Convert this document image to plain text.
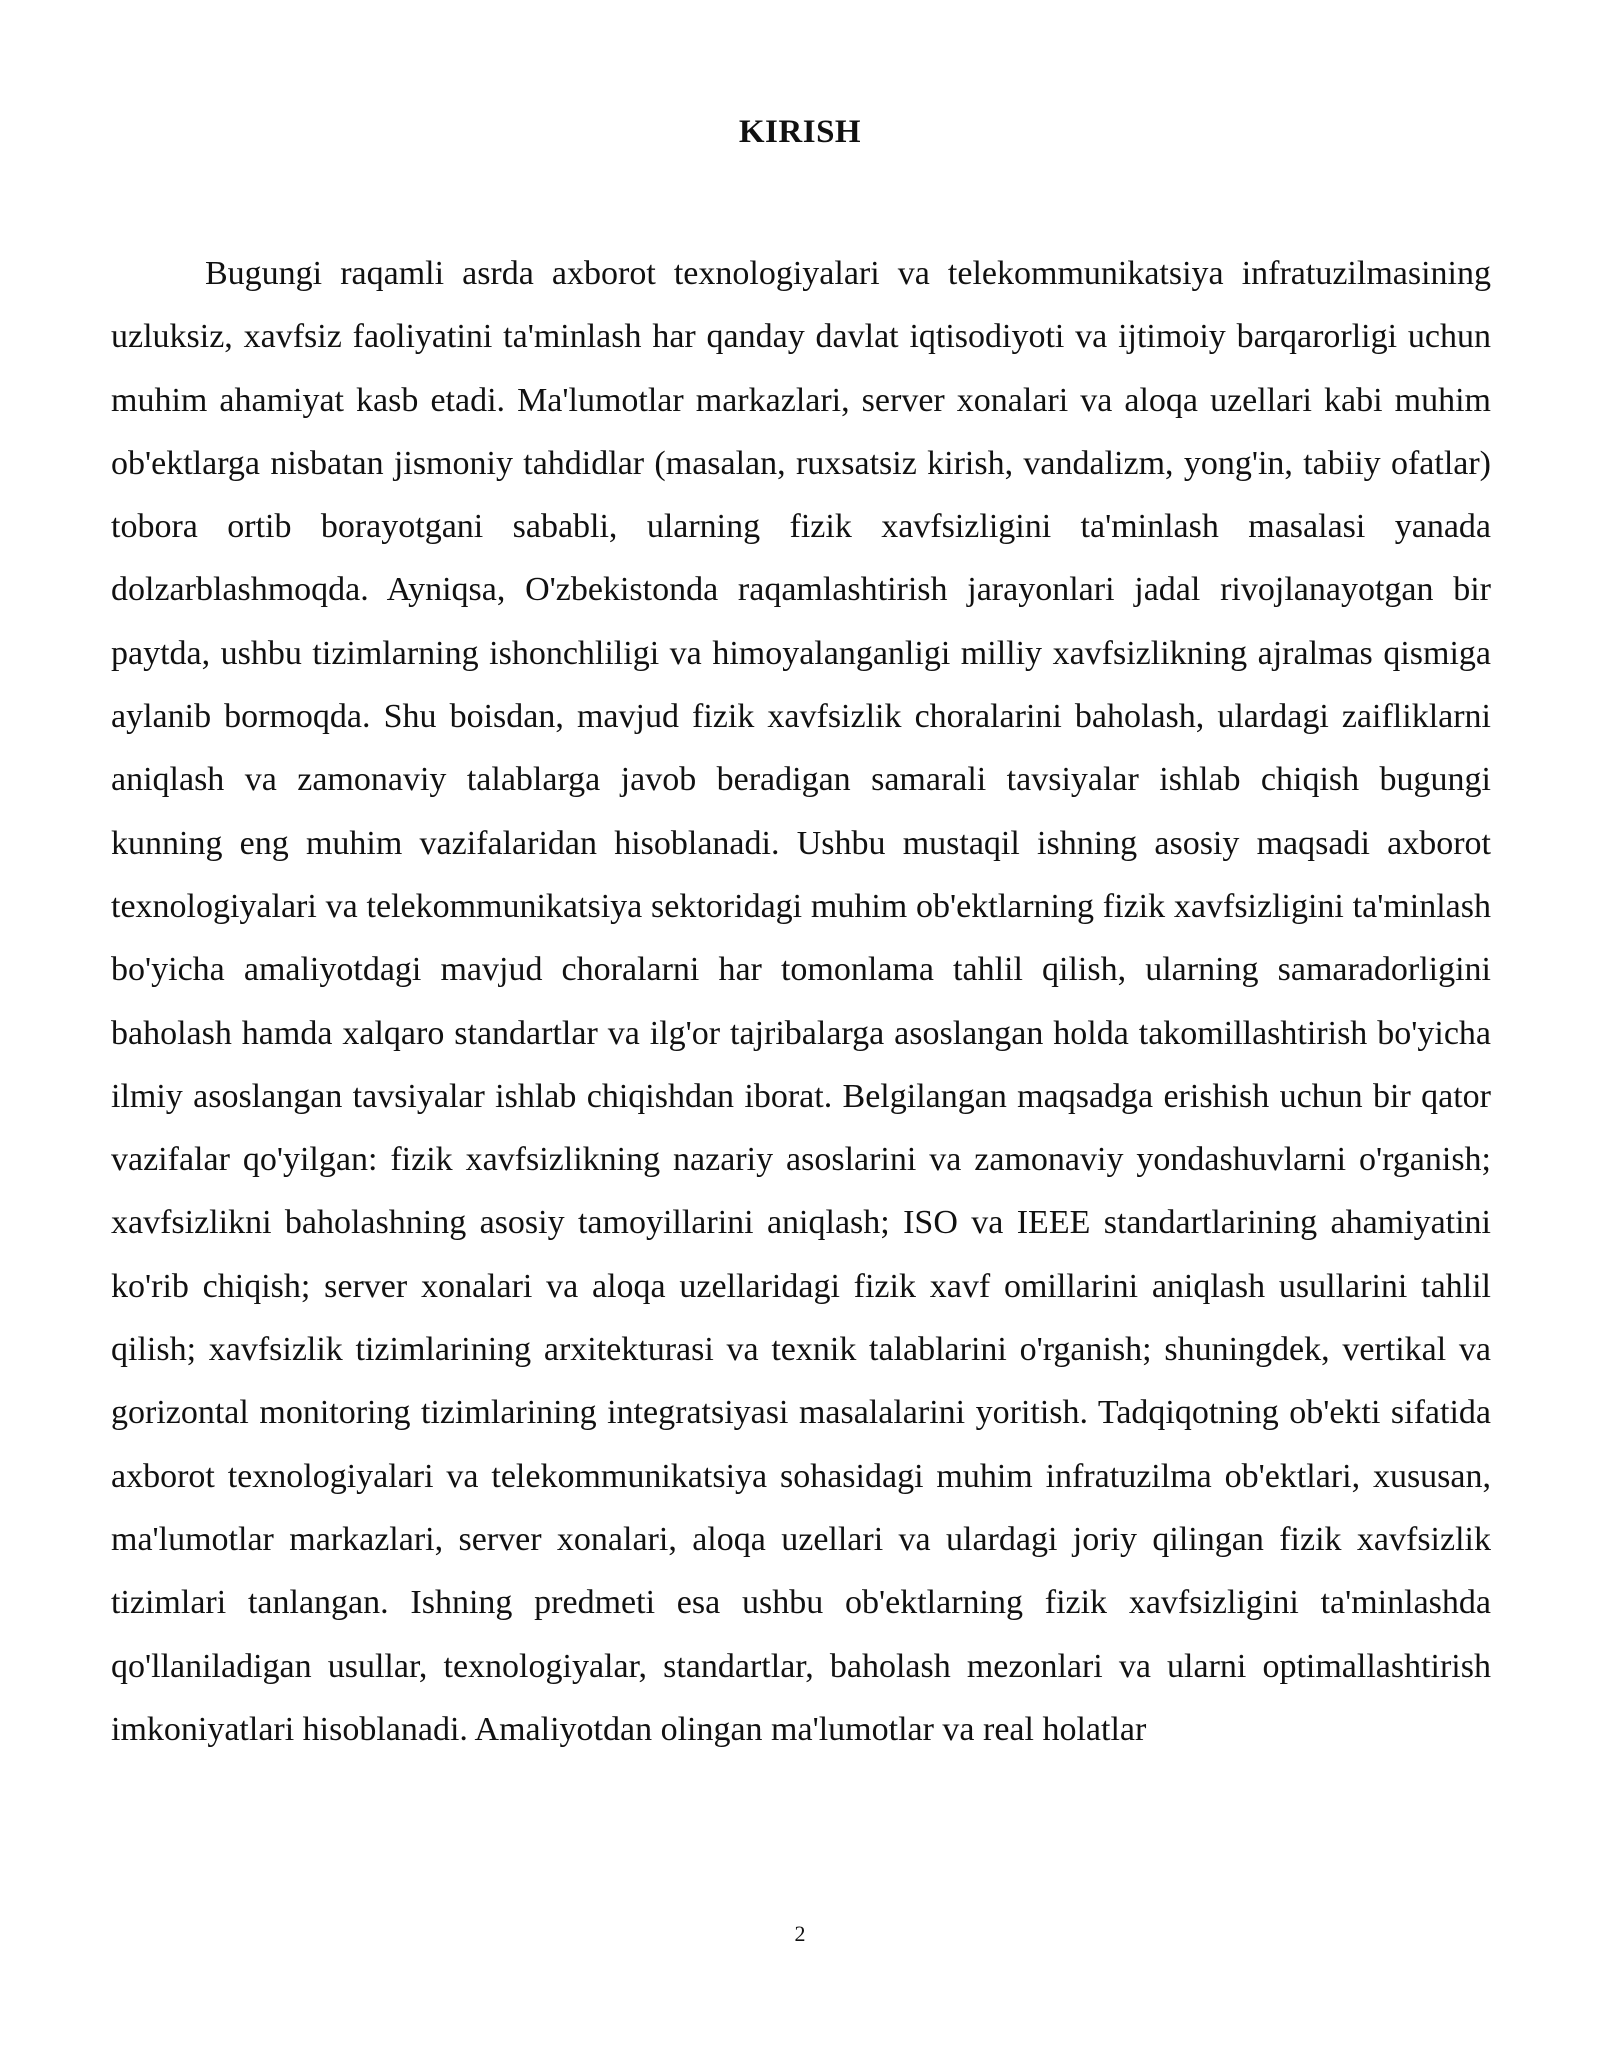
KIRISH

Bugungi raqamli asrda axborot texnologiyalari va telekommunikatsiya infratuzilmasining uzluksiz, xavfsiz faoliyatini ta'minlash har qanday davlat iqtisodiyoti va ijtimoiy barqarorligi uchun muhim ahamiyat kasb etadi. Ma'lumotlar markazlari, server xonalari va aloqa uzellari kabi muhim ob'ektlarga nisbatan jismoniy tahdidlar (masalan, ruxsatsiz kirish, vandalizm, yong'in, tabiiy ofatlar) tobora ortib borayotgani sababli, ularning fizik xavfsizligini ta'minlash masalasi yanada dolzarblashmoqda. Ayniqsa, O'zbekistonda raqamlashtirish jarayonlari jadal rivojlanayotgan bir paytda, ushbu tizimlarning ishonchliligi va himoyalanganligi milliy xavfsizlikning ajralmas qismiga aylanib bormoqda. Shu boisdan, mavjud fizik xavfsizlik choralarini baholash, ulardagi zaifliklarni aniqlash va zamonaviy talablarga javob beradigan samarali tavsiyalar ishlab chiqish bugungi kunning eng muhim vazifalaridan hisoblanadi. Ushbu mustaqil ishning asosiy maqsadi axborot texnologiyalari va telekommunikatsiya sektoridagi muhim ob'ektlarning fizik xavfsizligini ta'minlash bo'yicha amaliyotdagi mavjud choralarni har tomonlama tahlil qilish, ularning samaradorligini baholash hamda xalqaro standartlar va ilg'or tajribalarga asoslangan holda takomillashtirish bo'yicha ilmiy asoslangan tavsiyalar ishlab chiqishdan iborat. Belgilangan maqsadga erishish uchun bir qator vazifalar qo'yilgan: fizik xavfsizlikning nazariy asoslarini va zamonaviy yondashuvlarni o'rganish; xavfsizlikni baholashning asosiy tamoyillarini aniqlash; ISO va IEEE standartlarining ahamiyatini ko'rib chiqish; server xonalari va aloqa uzellaridagi fizik xavf omillarini aniqlash usullarini tahlil qilish; xavfsizlik tizimlarining arxitekturasi va texnik talablarini o'rganish; shuningdek, vertikal va gorizontal monitoring tizimlarining integratsiyasi masalalarini yoritish. Tadqiqotning ob'ekti sifatida axborot texnologiyalari va telekommunikatsiya sohasidagi muhim infratuzilma ob'ektlari, xususan, ma'lumotlar markazlari, server xonalari, aloqa uzellari va ulardagi joriy qilingan fizik xavfsizlik tizimlari tanlangan. Ishning predmeti esa ushbu ob'ektlarning fizik xavfsizligini ta'minlashda qo'llaniladigan usullar, texnologiyalar, standartlar, baholash mezonlari va ularni optimallashtirish imkoniyatlari hisoblanadi. Amaliyotdan olingan ma'lumotlar va real holatlar

2
